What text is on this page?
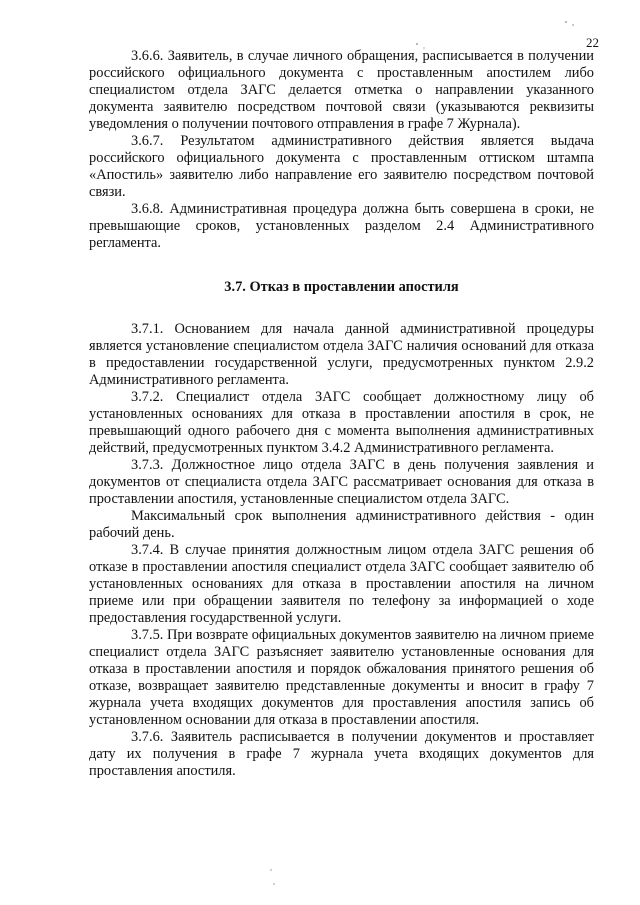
22

3.6.6. Заявитель, в случае личного обращения, расписывается в получении российского официального документа с проставленным апостилем либо специалистом отдела ЗАГС делается отметка о направлении указанного документа заявителю посредством почтовой связи (указываются реквизиты уведомления о получении почтового отправления в графе 7 Журнала).

3.6.7. Результатом административного действия является выдача российского официального документа с проставленным оттиском штампа «Апостиль» заявителю либо направление его заявителю посредством почтовой связи.

3.6.8. Административная процедура должна быть совершена в сроки, не превышающие сроков, установленных разделом 2.4 Административного регламента.

3.7. Отказ в проставлении апостиля

3.7.1. Основанием для начала данной административной процедуры является установление специалистом отдела ЗАГС наличия оснований для отказа в предоставлении государственной услуги, предусмотренных пунктом 2.9.2 Административного регламента.

3.7.2. Специалист отдела ЗАГС сообщает должностному лицу об установленных основаниях для отказа в проставлении апостиля в срок, не превышающий одного рабочего дня с момента выполнения административных действий, предусмотренных пунктом 3.4.2 Административного регламента.

3.7.3. Должностное лицо отдела ЗАГС в день получения заявления и документов от специалиста отдела ЗАГС рассматривает основания для отказа в проставлении апостиля, установленные специалистом отдела ЗАГС.

Максимальный срок выполнения административного действия - один рабочий день.

3.7.4. В случае принятия должностным лицом отдела ЗАГС решения об отказе в проставлении апостиля специалист отдела ЗАГС сообщает заявителю об установленных основаниях для отказа в проставлении апостиля на личном приеме или при обращении заявителя по телефону за информацией о ходе предоставления государственной услуги.

3.7.5. При возврате официальных документов заявителю на личном приеме специалист отдела ЗАГС разъясняет заявителю установленные основания для отказа в проставлении апостиля и порядок обжалования принятого решения об отказе, возвращает заявителю представленные документы и вносит в графу 7 журнала учета входящих документов для проставления апостиля запись об установленном основании для отказа в проставлении апостиля.

3.7.6. Заявитель расписывается в получении документов и проставляет дату их получения в графе 7 журнала учета входящих документов для проставления апостиля.
